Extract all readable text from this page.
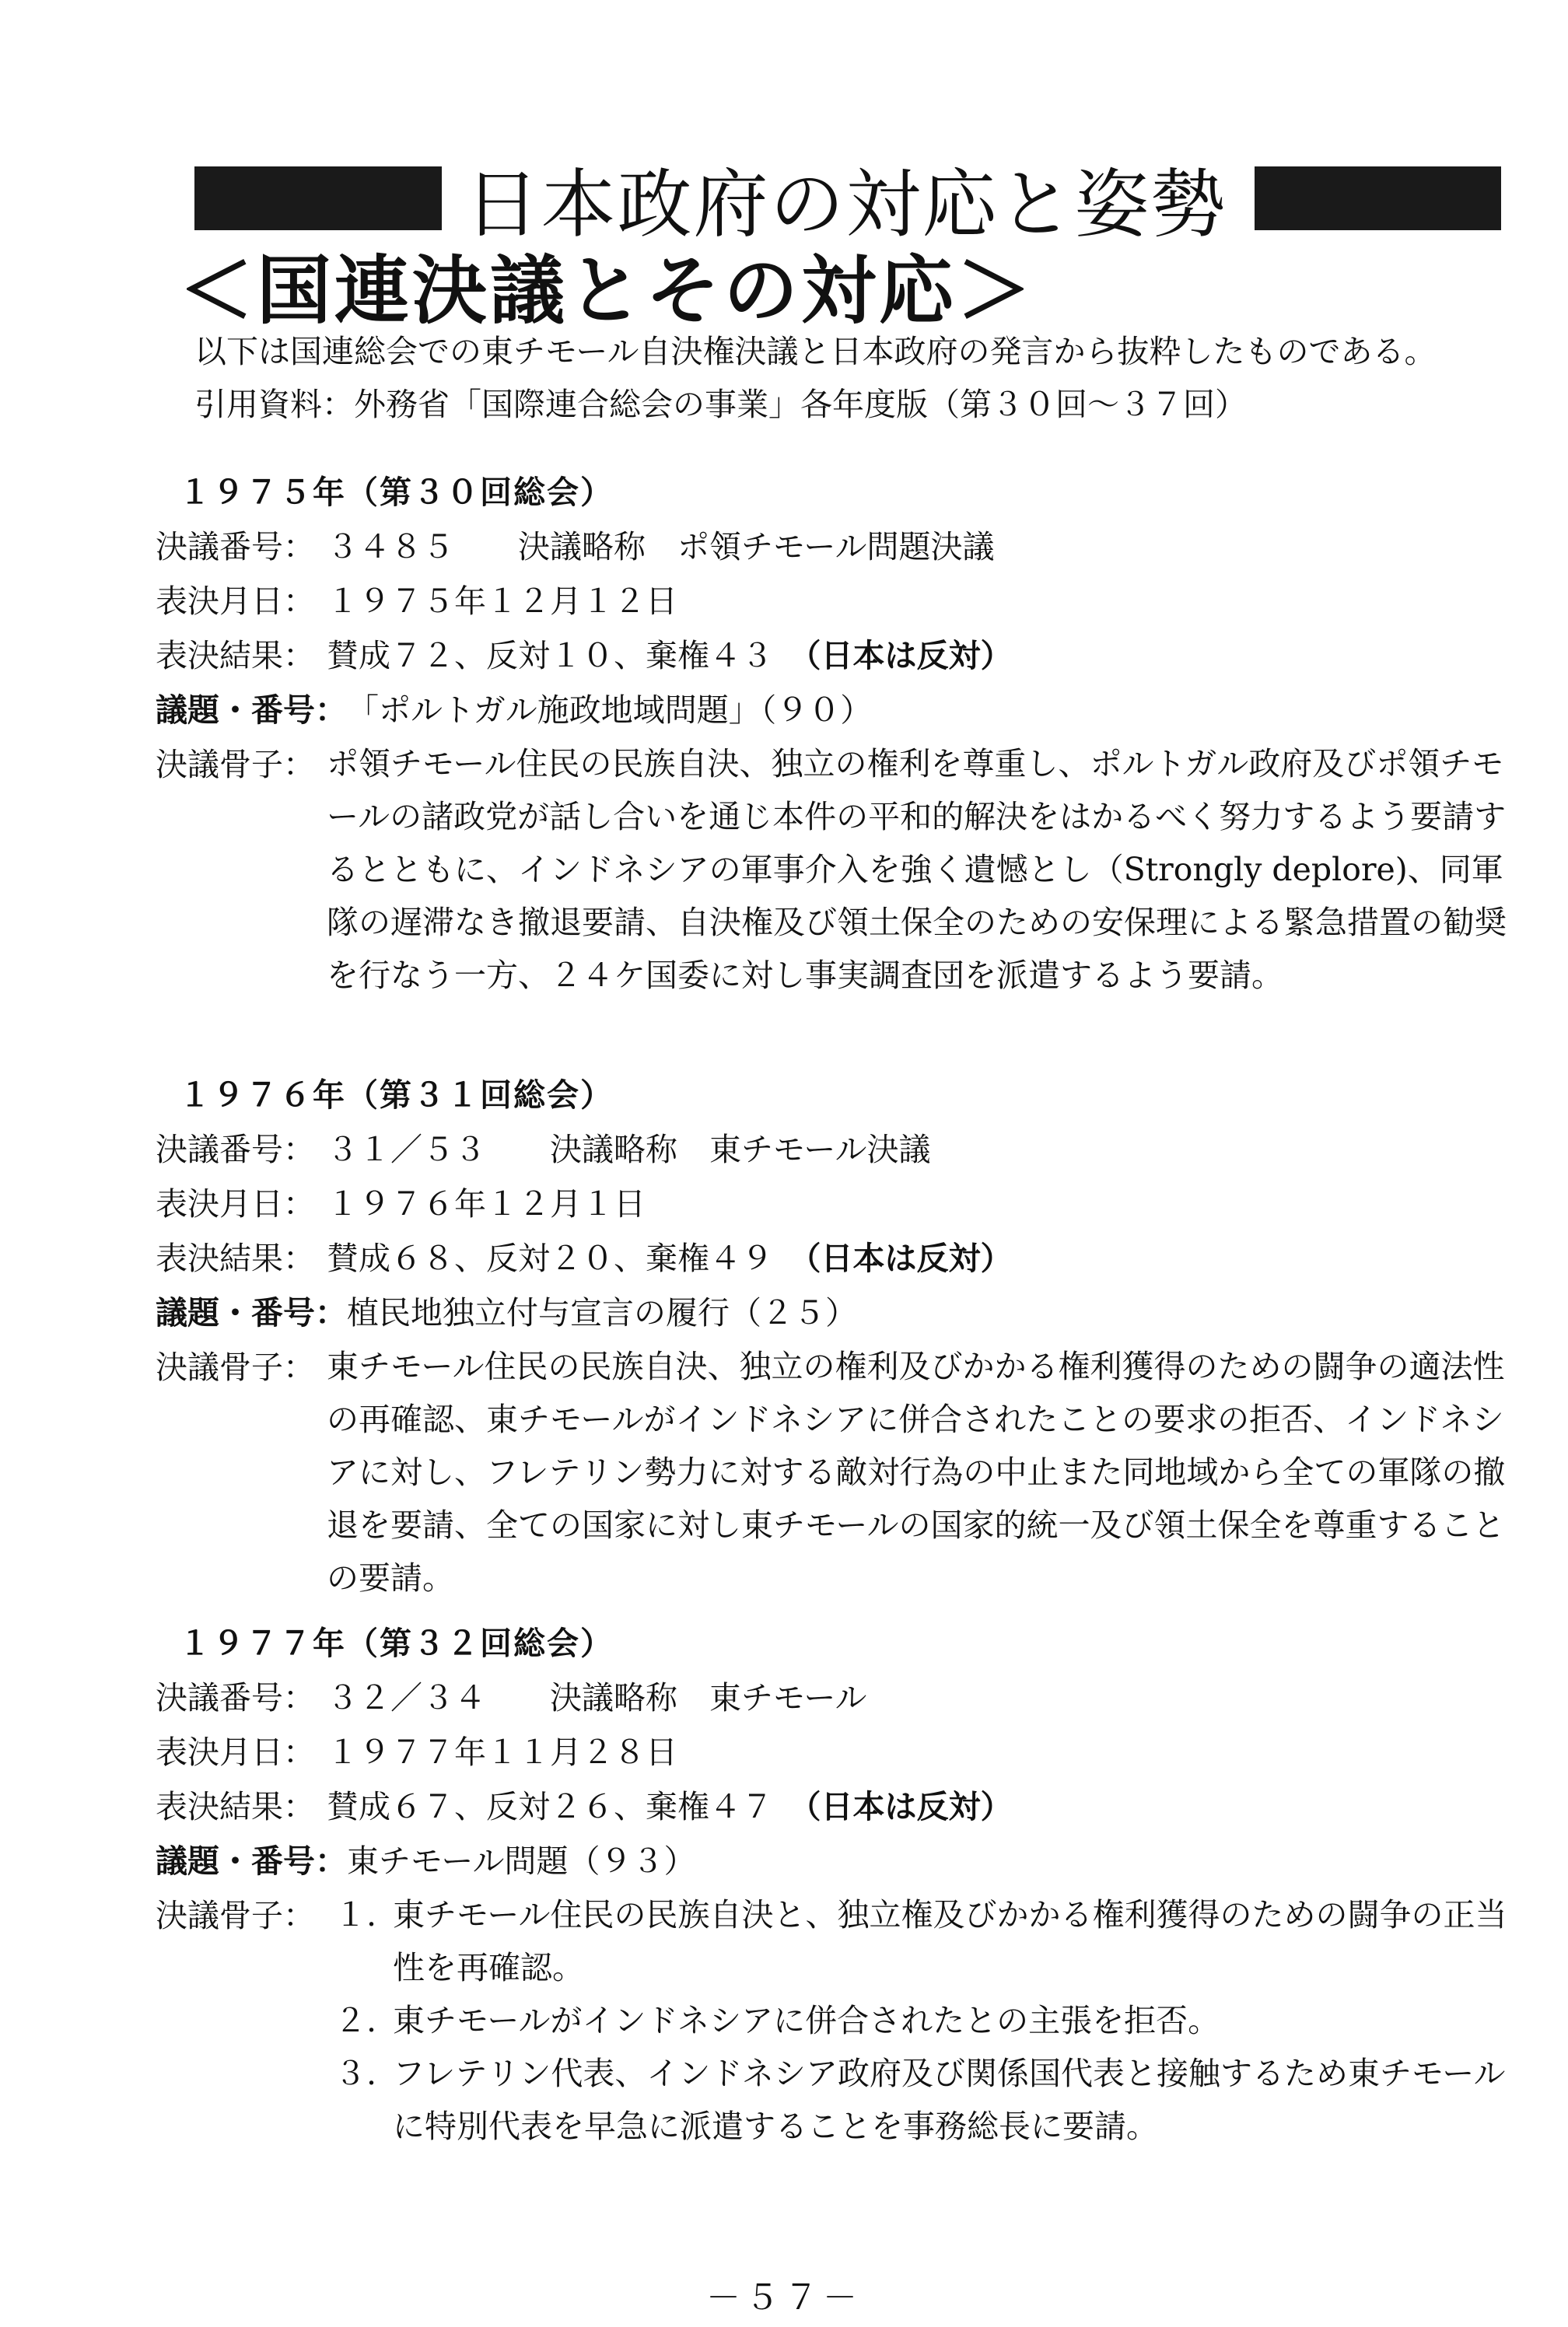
日本政府の対応と姿勢
＜国連決議とその対応＞
以下は国連総会での東チモール自決権決議と日本政府の発言から抜粋したものである。
引用資料：外務省「国際連合総会の事業」各年度版（第３０回～３７回）
１９７５年（第３０回総会）
決議番号： ３４８５　　 決議略称　 ポ領チモール問題決議
表決月日： １９７５年１２月１２日
表決結果： 賛成７２、反対１０、棄権４３　 （日本は反対）
議題・番号： 「ポルトガル施政地域問題」（９０）
決議骨子： ポ領チモール住民の民族自決、独立の権利を尊重し、ポルトガル政府及びポ領チモールの諸政党が話し合いを通じ本件の平和的解決をはかるべく努力するよう要請するとともに、インドネシアの軍事介入を強く遺憾とし（Strongly deplore)、同軍隊の遅滞なき撤退要請、自決権及び領土保全のための安保理による緊急措置の勧奨を行なう一方、２４ケ国委に対し事実調査団を派遣するよう要請。
１９７６年（第３１回総会）
決議番号： ３１／５３　　 決議略称　 東チモール決議
表決月日： １９７６年１２月１日
表決結果： 賛成６８、反対２０、棄権４９　 （日本は反対）
議題・番号： 植民地独立付与宣言の履行（２５）
決議骨子： 東チモール住民の民族自決、独立の権利及びかかる権利獲得のための闘争の適法性の再確認、東チモールがインドネシアに併合されたことの要求の拒否、インドネシアに対し、フレテリン勢力に対する敵対行為の中止また同地域から全ての軍隊の撤退を要請、全ての国家に対し東チモールの国家的統一及び領土保全を尊重することの要請。
１９７７年（第３２回総会）
決議番号： ３２／３４　　 決議略称　 東チモール
表決月日： １９７７年１１月２８日
表決結果： 賛成６７、反対２６、棄権４７　 （日本は反対）
議題・番号： 東チモール問題（９３）
決議骨子： １. 東チモール住民の民族自決と、独立権及びかかる権利獲得のための闘争の正当性を再確認。
２. 東チモールがインドネシアに併合されたとの主張を拒否。
３. フレテリン代表、インドネシア政府及び関係国代表と接触するため東チモールに特別代表を早急に派遣することを事務総長に要請。
－５７－
